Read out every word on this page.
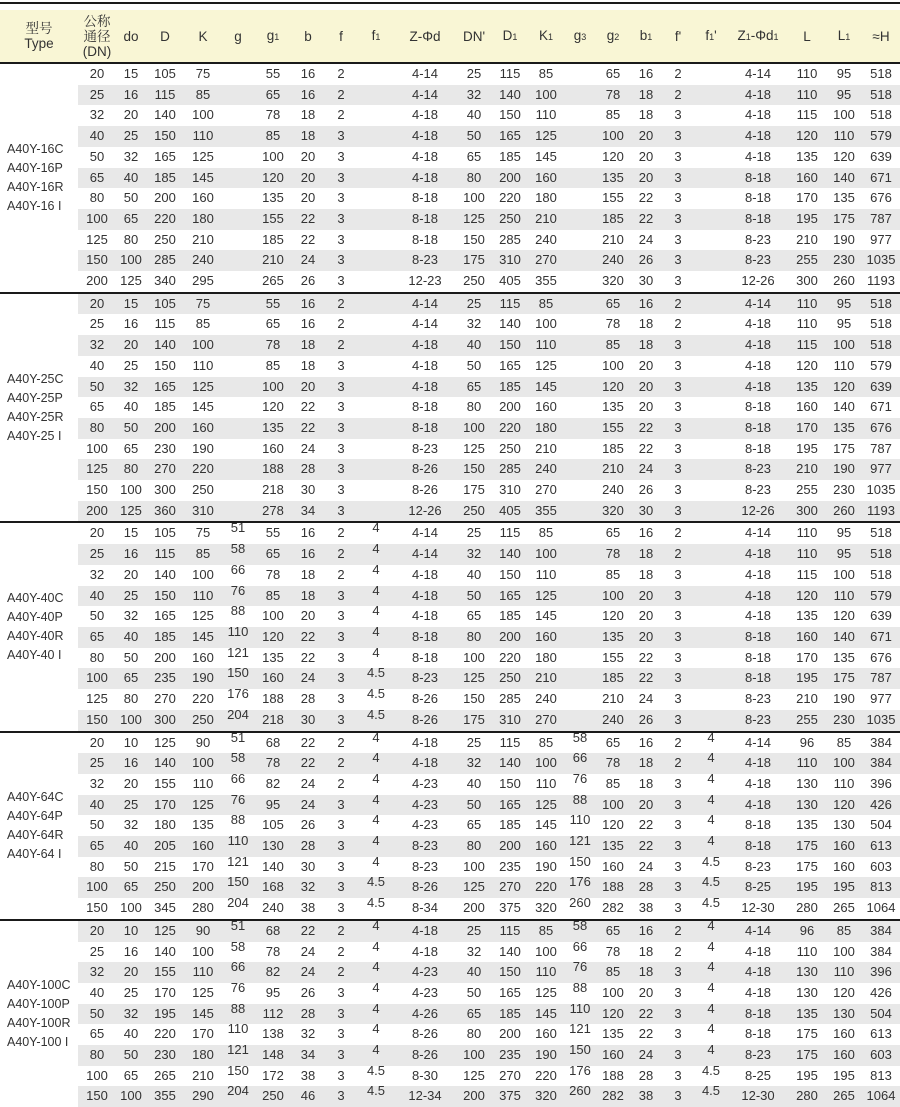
型号
Type

公称
通径
(DN)
	do	D	K	g	g1	b	f	f1	Z-Φd	DN'	D1	K1	g3	g2	b1	f'	f1'	Z1-Φd1	L	L1	≈H

A40Y-16C
A40Y-16P
A40Y-16R
A40Y-16 I	20	15	105	75		55	16	2		4-14	25	115	85		65	16	2		4-14	110	95	518
	25	16	115	85		65	16	2		4-14	32	140	100		78	18	2		4-18	110	95	518
	32	20	140	100		78	18	2		4-18	40	150	110		85	18	3		4-18	115	100	518
	40	25	150	110		85	18	3		4-18	50	165	125		100	20	3		4-18	120	110	579
	50	32	165	125		100	20	3		4-18	65	185	145		120	20	3		4-18	135	120	639
	65	40	185	145		120	20	3		4-18	80	200	160		135	20	3		8-18	160	140	671
	80	50	200	160		135	20	3		8-18	100	220	180		155	22	3		8-18	170	135	676
	100	65	220	180		155	22	3		8-18	125	250	210		185	22	3		8-18	195	175	787
	125	80	250	210		185	22	3		8-18	150	285	240		210	24	3		8-23	210	190	977
	150	100	285	240		210	24	3		8-23	175	310	270		240	26	3		8-23	255	230	1035
	200	125	340	295		265	26	3		12-23	250	405	355		320	30	3		12-26	300	260	1193

A40Y-25C
A40Y-25P
A40Y-25R
A40Y-25 I	20	15	105	75		55	16	2		4-14	25	115	85		65	16	2		4-14	110	95	518
	25	16	115	85		65	16	2		4-14	32	140	100		78	18	2		4-18	110	95	518
	32	20	140	100		78	18	2		4-18	40	150	110		85	18	3		4-18	115	100	518
	40	25	150	110		85	18	3		4-18	50	165	125		100	20	3		4-18	120	110	579
	50	32	165	125		100	20	3		4-18	65	185	145		120	20	3		4-18	135	120	639
	65	40	185	145		120	22	3		8-18	80	200	160		135	20	3		8-18	160	140	671
	80	50	200	160		135	22	3		8-18	100	220	180		155	22	3		8-18	170	135	676
	100	65	230	190		160	24	3		8-23	125	250	210		185	22	3		8-18	195	175	787
	125	80	270	220		188	28	3		8-26	150	285	240		210	24	3		8-23	210	190	977
	150	100	300	250		218	30	3		8-26	175	310	270		240	26	3		8-23	255	230	1035
	200	125	360	310		278	34	3		12-26	250	405	355		320	30	3		12-26	300	260	1193

A40Y-40C
A40Y-40P
A40Y-40R
A40Y-40 I	20	15	105	75	51	55	16	2	4	4-14	25	115	85		65	16	2		4-14	110	95	518
	25	16	115	85	58	65	16	2	4	4-14	32	140	100		78	18	2		4-18	110	95	518
	32	20	140	100	66	78	18	2	4	4-18	40	150	110		85	18	3		4-18	115	100	518
	40	25	150	110	76	85	18	3	4	4-18	50	165	125		100	20	3		4-18	120	110	579
	50	32	165	125	88	100	20	3	4	4-18	65	185	145		120	20	3		4-18	135	120	639
	65	40	185	145	110	120	22	3	4	8-18	80	200	160		135	20	3		8-18	160	140	671
	80	50	200	160	121	135	22	3	4	8-18	100	220	180		155	22	3		8-18	170	135	676
	100	65	235	190	150	160	24	3	4.5	8-23	125	250	210		185	22	3		8-18	195	175	787
	125	80	270	220	176	188	28	3	4.5	8-26	150	285	240		210	24	3		8-23	210	190	977
	150	100	300	250	204	218	30	3	4.5	8-26	175	310	270		240	26	3		8-23	255	230	1035

A40Y-64C
A40Y-64P
A40Y-64R
A40Y-64 I	20	10	125	90	51	68	22	2	4	4-18	25	115	85	58	65	16	2	4	4-14	96	85	384
	25	16	140	100	58	78	22	2	4	4-18	32	140	100	66	78	18	2	4	4-18	110	100	384
	32	20	155	110	66	82	24	2	4	4-23	40	150	110	76	85	18	3	4	4-18	130	110	396
	40	25	170	125	76	95	24	3	4	4-23	50	165	125	88	100	20	3	4	4-18	130	120	426
	50	32	180	135	88	105	26	3	4	4-23	65	185	145	110	120	22	3	4	8-18	135	130	504
	65	40	205	160	110	130	28	3	4	8-23	80	200	160	121	135	22	3	4	8-18	175	160	613
	80	50	215	170	121	140	30	3	4	8-23	100	235	190	150	160	24	3	4.5	8-23	175	160	603
	100	65	250	200	150	168	32	3	4.5	8-26	125	270	220	176	188	28	3	4.5	8-25	195	195	813
	150	100	345	280	204	240	38	3	4.5	8-34	200	375	320	260	282	38	3	4.5	12-30	280	265	1064

A40Y-100C
A40Y-100P
A40Y-100R
A40Y-100 I	20	10	125	90	51	68	22	2	4	4-18	25	115	85	58	65	16	2	4	4-14	96	85	384
	25	16	140	100	58	78	24	2	4	4-18	32	140	100	66	78	18	2	4	4-18	110	100	384
	32	20	155	110	66	82	24	2	4	4-23	40	150	110	76	85	18	3	4	4-18	130	110	396
	40	25	170	125	76	95	26	3	4	4-23	50	165	125	88	100	20	3	4	4-18	130	120	426
	50	32	195	145	88	112	28	3	4	4-26	65	185	145	110	120	22	3	4	8-18	135	130	504
	65	40	220	170	110	138	32	3	4	8-26	80	200	160	121	135	22	3	4	8-18	175	160	613
	80	50	230	180	121	148	34	3	4	8-26	100	235	190	150	160	24	3	4	8-23	175	160	603
	100	65	265	210	150	172	38	3	4.5	8-30	125	270	220	176	188	28	3	4.5	8-25	195	195	813
	150	100	355	290	204	250	46	3	4.5	12-34	200	375	320	260	282	38	3	4.5	12-30	280	265	1064
